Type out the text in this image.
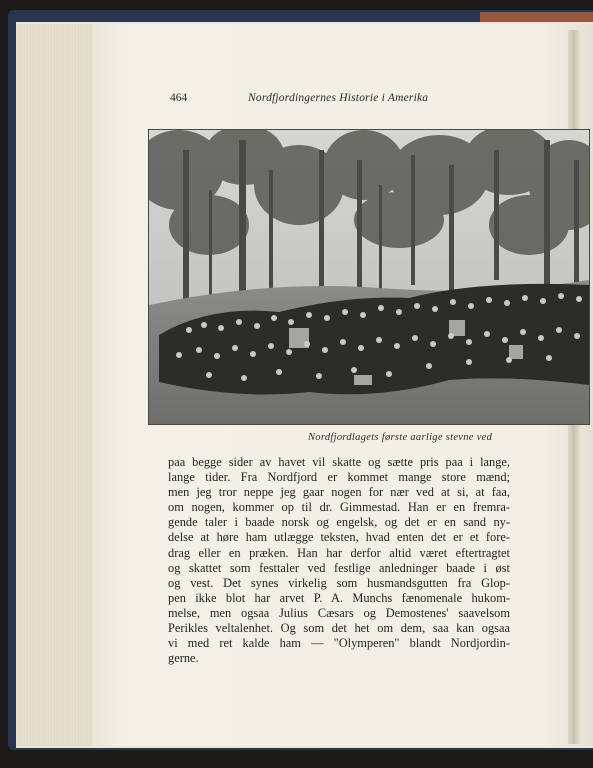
464	Nordfjordingernes Historie i Amerika
Nordfjordlagets første aarlige stevne ved
paa begge sider av havet vil skatte og sætte pris paa i lange,
lange tider. Fra Nordfjord er kommet mange store mænd;
men jeg tror neppe jeg gaar nogen for nær ved at si, at faa,
om nogen, kommer op til dr. Gimmestad. Han er en fremra-
gende taler i baade norsk og engelsk, og det er en sand ny-
delse at høre ham utlægge teksten, hvad enten det er et fore-
drag eller en præken. Han har derfor altid været eftertragtet
og skattet som festtaler ved festlige anledninger baade i øst
og vest. Det synes virkelig som husmandsgutten fra Glop-
pen ikke blot har arvet P. A. Munchs fænomenale hukom-
melse, men ogsaa Julius Cæsars og Demostenes' saavelsom
Perikles veltalenhet. Og som det het om dem, saa kan ogsaa
vi med ret kalde ham — "Olymperen" blandt Nordjordin-
gerne.
